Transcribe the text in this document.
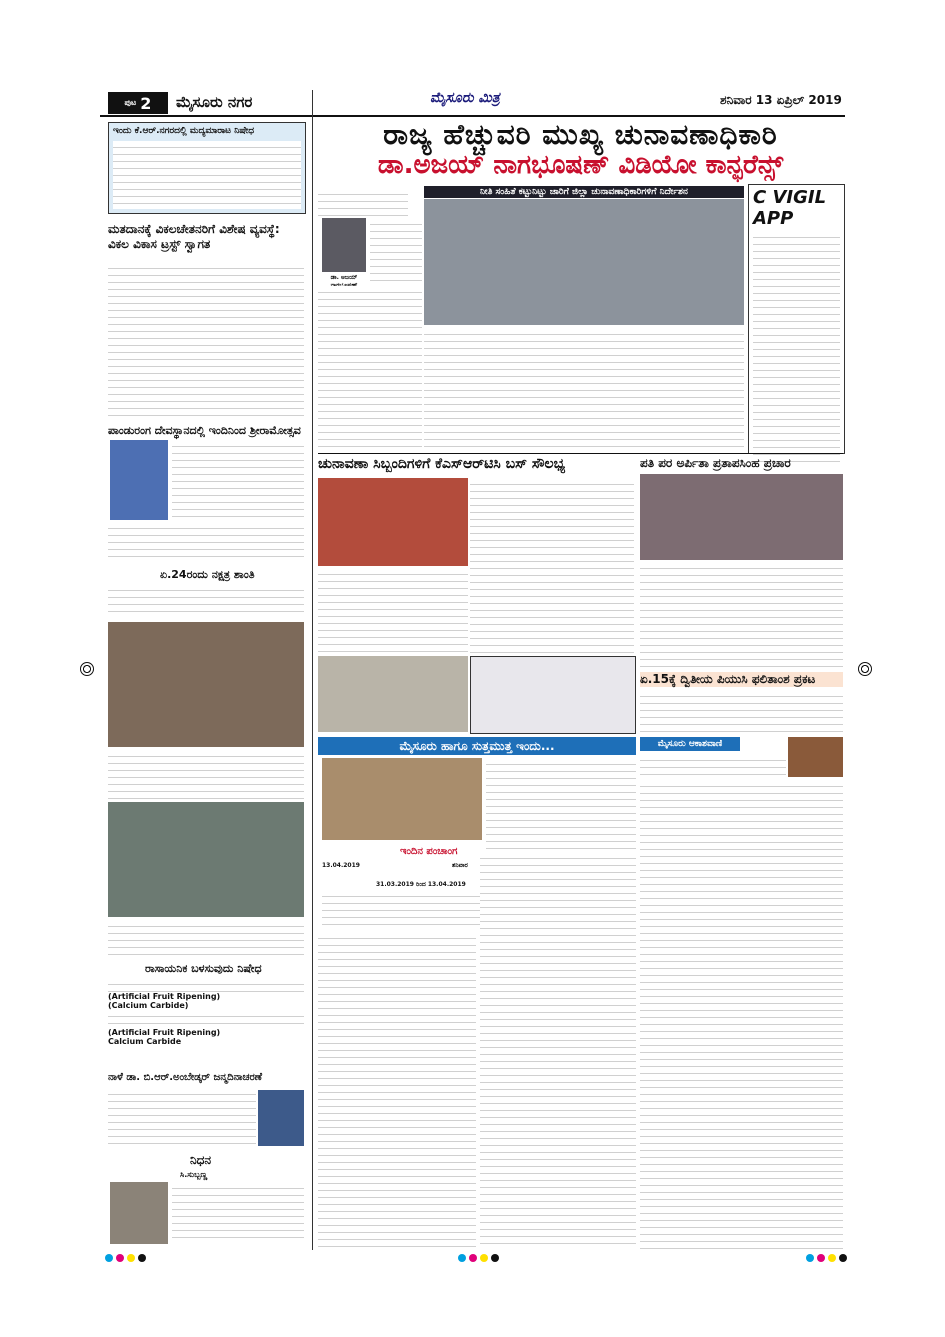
ಪುಟ 2 ಮೈಸೂರು ನಗರ	ಮೈಸೂರು ಮಿತ್ರ	ಶನಿವಾರ 13 ಏಪ್ರಿಲ್ 2019
ಇಂದು ಕೆ.ಆರ್.ನಗರದಲ್ಲಿ ಮದ್ಯಮಾರಾಟ ನಿಷೇಧ
ಮತದಾನಕ್ಕೆ ವಿಕಲಚೇತನರಿಗೆ ವಿಶೇಷ ವ್ಯವಸ್ಥೆ: ವಿಕಲ ವಿಕಾಸ ಟ್ರಸ್ಟ್ ಸ್ವಾಗತ
ಪಾಂಡುರಂಗ ದೇವಸ್ಥಾನದಲ್ಲಿ ಇಂದಿನಿಂದ ಶ್ರೀರಾಮೋತ್ಸವ
ಏ.24ರಂದು ನಕ್ಷತ್ರ ಶಾಂತಿ
ರಾಸಾಯನಿಕ ಬಳಸುವುದು ನಿಷೇಧ
(Artificial Fruit Ripening)
(Calcium Carbide)
(Artificial Fruit Ripening)
Calcium Carbide
ನಾಳೆ ಡಾ. ಬಿ.ಆರ್.ಅಂಬೇಡ್ಕರ್ ಜನ್ಮದಿನಾಚರಣೆ
ನಿಧನ
ಸಿ.ಸುಬ್ಬಣ್ಣ
ರಾಜ್ಯ ಹೆಚ್ಚುವರಿ ಮುಖ್ಯ ಚುನಾವಣಾಧಿಕಾರಿ
ಡಾ.ಅಜಯ್ ನಾಗಭೂಷಣ್ ವಿಡಿಯೋ ಕಾನ್ಫರೆನ್ಸ್
ಡಾ. ಅಜಯ್
ನೀತಿ ಸಂಹಿತೆ ಕಟ್ಟುನಿಟ್ಟು ಜಾರಿಗೆ ಜಿಲ್ಲಾ ಚುನಾವಣಾಧಿಕಾರಿಗಳಿಗೆ ನಿರ್ದೇಶನ	C VIGIL APP
ಚುನಾವಣಾ ಸಿಬ್ಬಂದಿಗಳಿಗೆ ಕೆಎಸ್‌ಆರ್‌ಟಿಸಿ ಬಸ್ ಸೌಲಭ್ಯ	ಪತಿ ಪರ ಅರ್ಪಿತಾ ಪ್ರತಾಪಸಿಂಹ ಪ್ರಚಾರ
ಏ.15ಕ್ಕೆ ದ್ವಿತೀಯ ಪಿಯುಸಿ ಫಲಿತಾಂಶ ಪ್ರಕಟ
ಮೈಸೂರು ಹಾಗೂ ಸುತ್ತಮುತ್ತ ಇಂದು...
ಇಂದಿನ ಪಂಚಾಂಗ
13.04.2019	ಶನಿವಾರ
31.03.2019 ರಿಂದ 13.04.2019
ಮೈಸೂರು ಆಕಾಶವಾಣಿ
